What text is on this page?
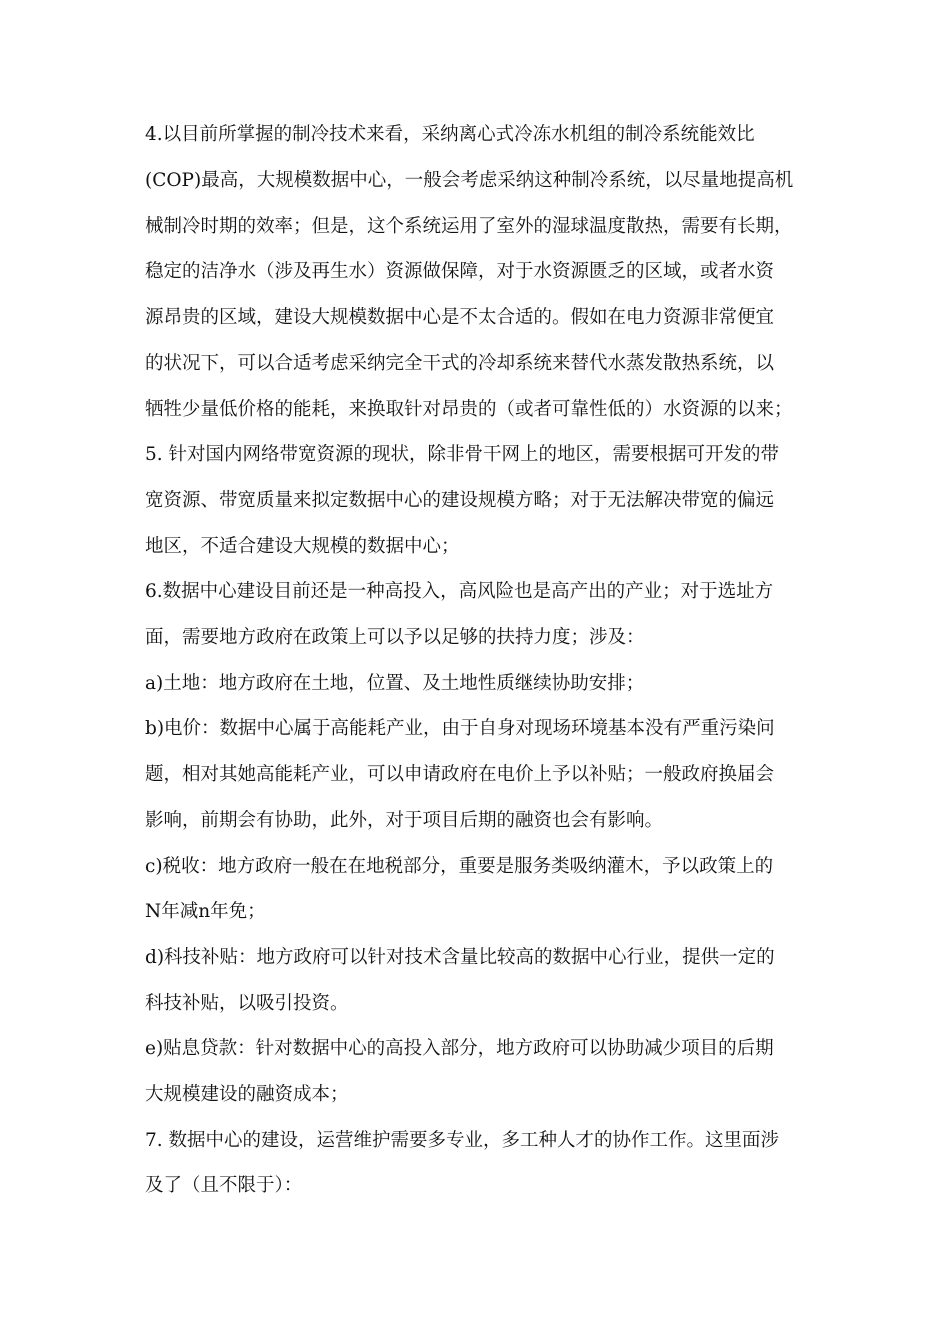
4.以目前所掌握的制冷技术来看，采纳离心式冷冻水机组的制冷系统能效比
(COP)最高，大规模数据中心，一般会考虑采纳这种制冷系统，以尽量地提高机
械制冷时期的效率；但是，这个系统运用了室外的湿球温度散热，需要有长期，
稳定的洁净水（涉及再生水）资源做保障，对于水资源匮乏的区域，或者水资
源昂贵的区域，建设大规模数据中心是不太合适的。假如在电力资源非常便宜
的状况下，可以合适考虑采纳完全干式的冷却系统来替代水蒸发散热系统，以
牺牲少量低价格的能耗，来换取针对昂贵的（或者可靠性低的）水资源的以来；
5. 针对国内网络带宽资源的现状，除非骨干网上的地区，需要根据可开发的带
宽资源、带宽质量来拟定数据中心的建设规模方略；对于无法解决带宽的偏远
地区，不适合建设大规模的数据中心；
6.数据中心建设目前还是一种高投入，高风险也是高产出的产业；对于选址方
面，需要地方政府在政策上可以予以足够的扶持力度；涉及：
a)土地：地方政府在土地，位置、及土地性质继续协助安排；
b)电价：数据中心属于高能耗产业，由于自身对现场环境基本没有严重污染问
题，相对其她高能耗产业，可以申请政府在电价上予以补贴；一般政府换届会
影响，前期会有协助，此外，对于项目后期的融资也会有影响。
c)税收：地方政府一般在在地税部分，重要是服务类吸纳灌木，予以政策上的
N年减n年免；
d)科技补贴：地方政府可以针对技术含量比较高的数据中心行业，提供一定的
科技补贴，以吸引投资。
e)贴息贷款：针对数据中心的高投入部分，地方政府可以协助减少项目的后期
大规模建设的融资成本；
7. 数据中心的建设，运营维护需要多专业，多工种人才的协作工作。这里面涉
及了（且不限于）：
